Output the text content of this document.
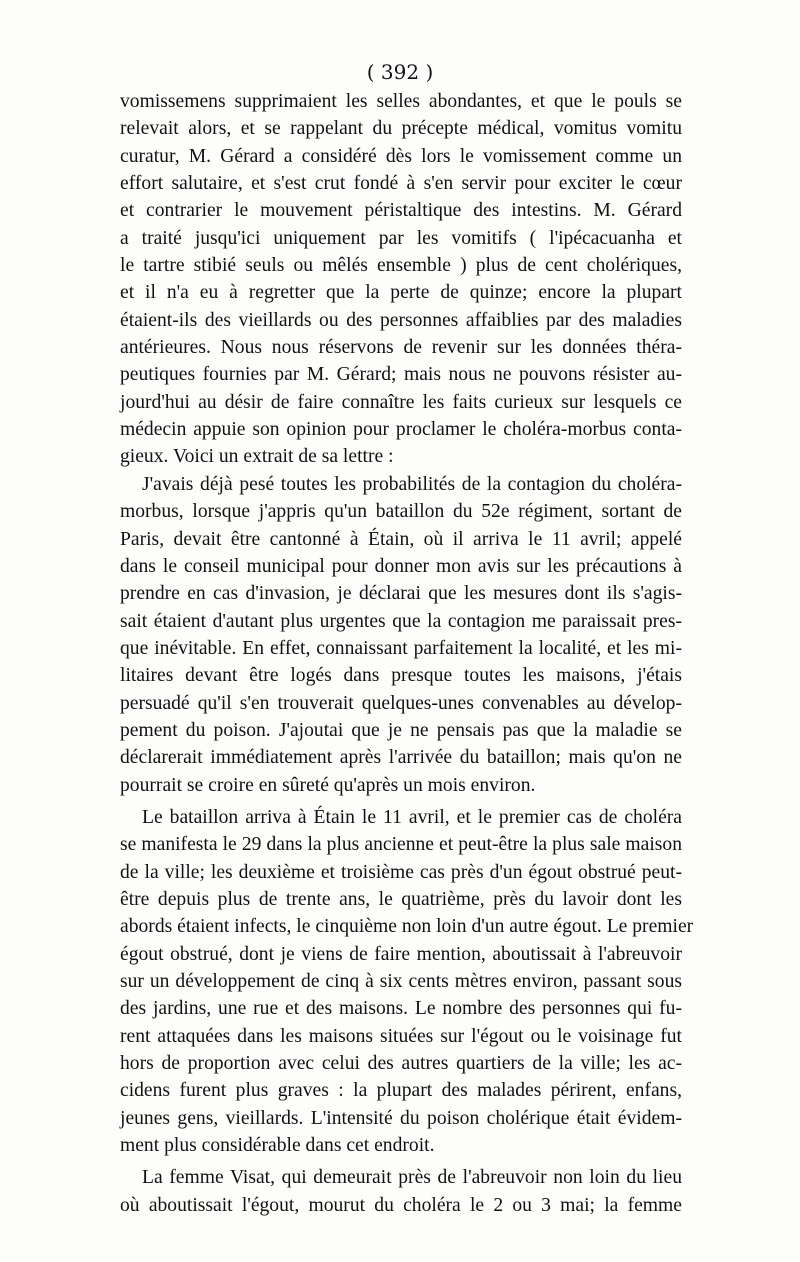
( 392 )
vomissemens supprimaient les selles abondantes, et que le pouls se
relevait alors, et se rappelant du précepte médical, vomitus vomitu
curatur, M. Gérard a considéré dès lors le vomissement comme un
effort salutaire, et s'est crut fondé à s'en servir pour exciter le cœur
et contrarier le mouvement péristaltique des intestins. M. Gérard
a traité jusqu'ici uniquement par les vomitifs ( l'ipécacuanha et
le tartre stibié seuls ou mêlés ensemble ) plus de cent cholériques,
et il n'a eu à regretter que la perte de quinze; encore la plupart
étaient-ils des vieillards ou des personnes affaiblies par des maladies
antérieures. Nous nous réservons de revenir sur les données théra-
peutiques fournies par M. Gérard; mais nous ne pouvons résister au-
jourd'hui au désir de faire connaître les faits curieux sur lesquels ce
médecin appuie son opinion pour proclamer le choléra-morbus conta-
gieux. Voici un extrait de sa lettre :
J'avais déjà pesé toutes les probabilités de la contagion du choléra-
morbus, lorsque j'appris qu'un bataillon du 52e régiment, sortant de
Paris, devait être cantonné à Étain, où il arriva le 11 avril; appelé
dans le conseil municipal pour donner mon avis sur les précautions à
prendre en cas d'invasion, je déclarai que les mesures dont ils s'agis-
sait étaient d'autant plus urgentes que la contagion me paraissait pres-
que inévitable. En effet, connaissant parfaitement la localité, et les mi-
litaires devant être logés dans presque toutes les maisons, j'étais
persuadé qu'il s'en trouverait quelques-unes convenables au dévelop-
pement du poison. J'ajoutai que je ne pensais pas que la maladie se
déclarerait immédiatement après l'arrivée du bataillon; mais qu'on ne
pourrait se croire en sûreté qu'après un mois environ.
Le bataillon arriva à Étain le 11 avril, et le premier cas de choléra
se manifesta le 29 dans la plus ancienne et peut-être la plus sale maison
de la ville; les deuxième et troisième cas près d'un égout obstrué peut-
être depuis plus de trente ans, le quatrième, près du lavoir dont les
abords étaient infects, le cinquième non loin d'un autre égout. Le premier
égout obstrué, dont je viens de faire mention, aboutissait à l'abreuvoir
sur un développement de cinq à six cents mètres environ, passant sous
des jardins, une rue et des maisons. Le nombre des personnes qui fu-
rent attaquées dans les maisons situées sur l'égout ou le voisinage fut
hors de proportion avec celui des autres quartiers de la ville; les ac-
cidens furent plus graves : la plupart des malades périrent, enfans,
jeunes gens, vieillards. L'intensité du poison cholérique était évidem-
ment plus considérable dans cet endroit.
La femme Visat, qui demeurait près de l'abreuvoir non loin du lieu
où aboutissait l'égout, mourut du choléra le 2 ou 3 mai; la femme
